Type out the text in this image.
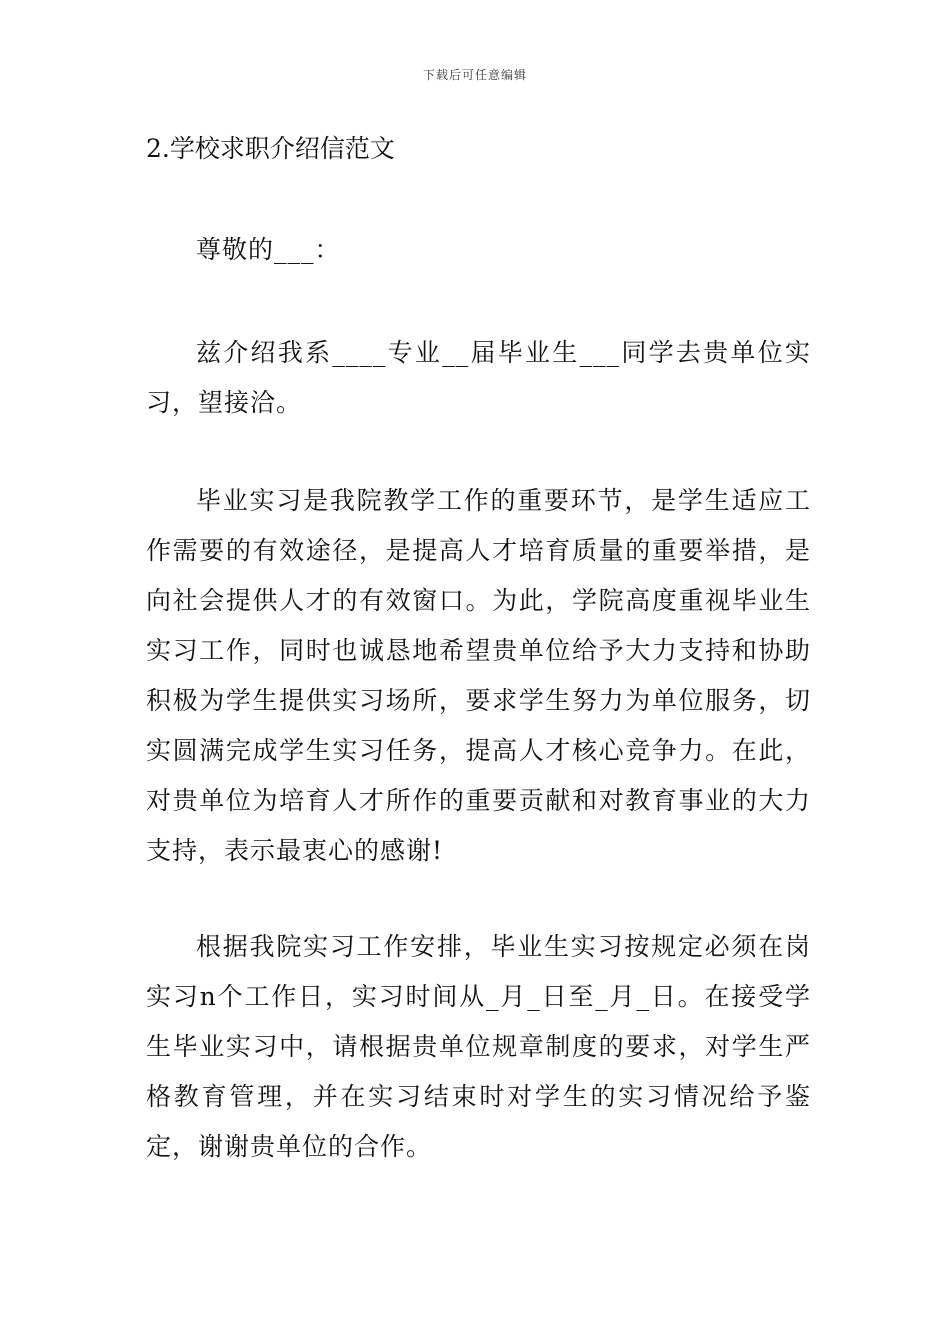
下载后可任意编辑
2.学校求职介绍信范文

尊敬的___：

兹介绍我系____专业__届毕业生___同学去贵单位实习，望接洽。

毕业实习是我院教学工作的重要环节，是学生适应工作需要的有效途径，是提高人才培育质量的重要举措，是向社会提供人才的有效窗口。为此，学院高度重视毕业生实习工作，同时也诚恳地希望贵单位给予大力支持和协助积极为学生提供实习场所，要求学生努力为单位服务，切实圆满完成学生实习任务，提高人才核心竞争力。在此，对贵单位为培育人才所作的重要贡献和对教育事业的大力支持，表示最衷心的感谢!

根据我院实习工作安排，毕业生实习按规定必须在岗实习n个工作日，实习时间从_月_日至_月_日。在接受学生毕业实习中，请根据贵单位规章制度的要求，对学生严格教育管理，并在实习结束时对学生的实习情况给予鉴定，谢谢贵单位的合作。
